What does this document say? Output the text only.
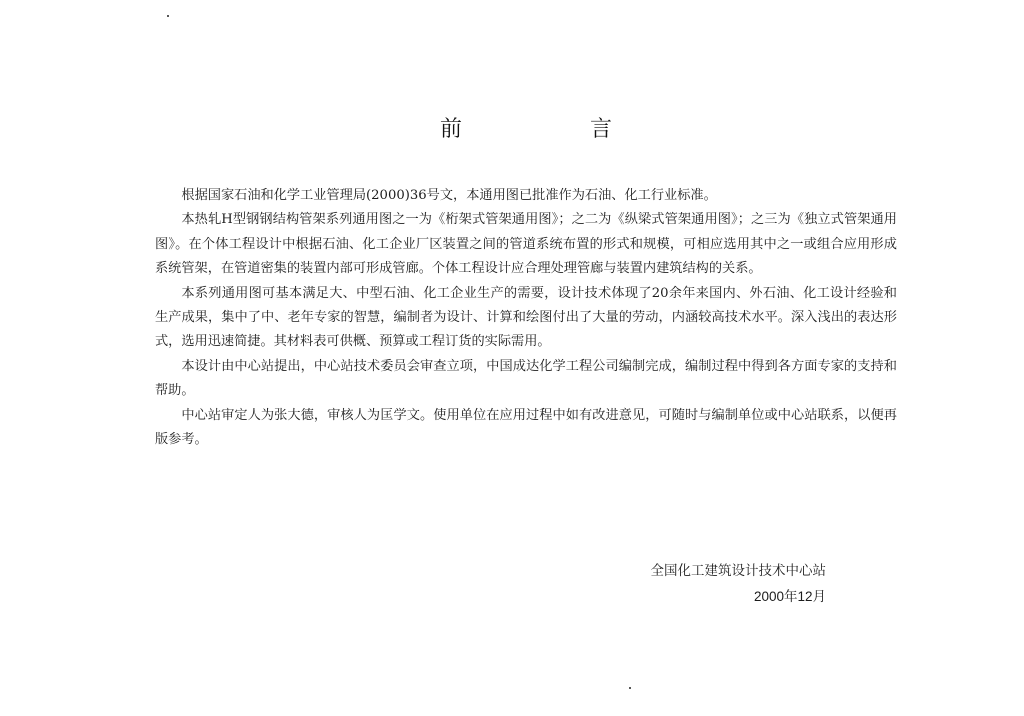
前	言

根据国家石油和化学工业管理局(2000)36号文，本通用图已批准作为石油、化工行业标准。

本热轧H型钢钢结构管架系列通用图之一为《桁架式管架通用图》；之二为《纵梁式管架通用图》；之三为《独立式管架通用图》。在个体工程设计中根据石油、化工企业厂区装置之间的管道系统布置的形式和规模，可相应选用其中之一或组合应用形成系统管架，在管道密集的装置内部可形成管廊。个体工程设计应合理处理管廊与装置内建筑结构的关系。

本系列通用图可基本满足大、中型石油、化工企业生产的需要，设计技术体现了20余年来国内、外石油、化工设计经验和生产成果，集中了中、老年专家的智慧，编制者为设计、计算和绘图付出了大量的劳动，内涵较高技术水平。深入浅出的表达形式，选用迅速简捷。其材料表可供概、预算或工程订货的实际需用。

本设计由中心站提出，中心站技术委员会审查立项，中国成达化学工程公司编制完成，编制过程中得到各方面专家的支持和帮助。

中心站审定人为张大德，审核人为匡学文。使用单位在应用过程中如有改进意见，可随时与编制单位或中心站联系，以便再版参考。

全国化工建筑设计技术中心站
2000年12月
